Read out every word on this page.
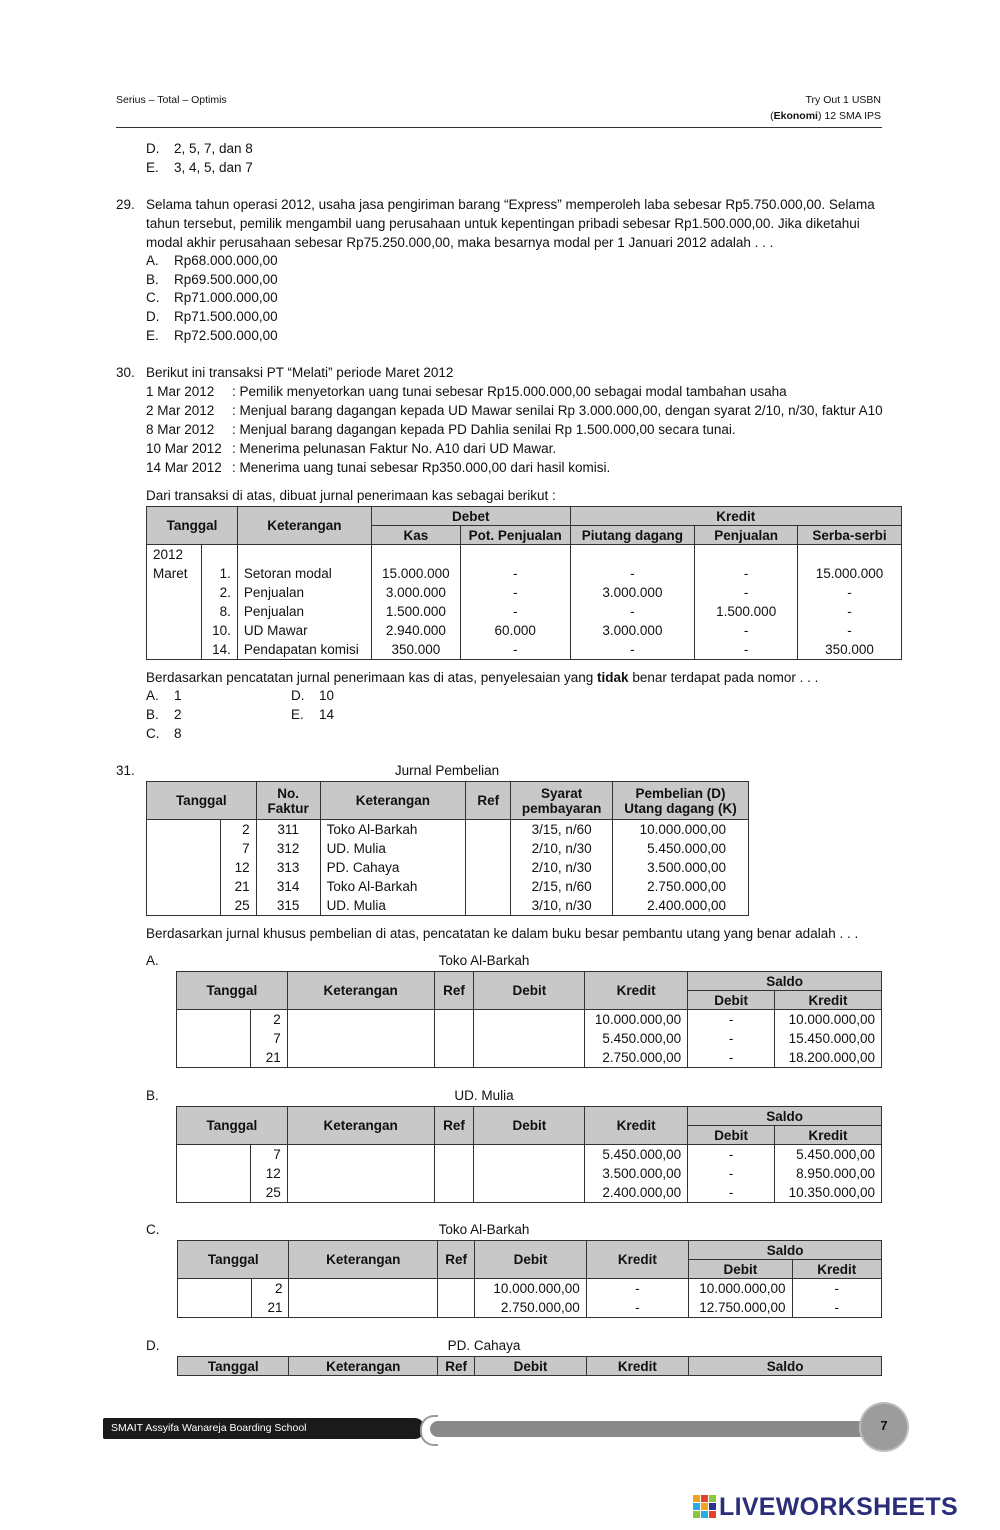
Serius – Total – Optimis	Try Out 1 USBN
(Ekonomi) 12 SMA IPS
D. 2, 5, 7, dan 8
E. 3, 4, 5, dan 7
29. Selama tahun operasi 2012, usaha jasa pengiriman barang “Express” memperoleh laba sebesar Rp5.750.000,00. Selama
tahun tersebut, pemilik mengambil uang perusahaan untuk kepentingan pribadi sebesar Rp1.500.000,00. Jika diketahui
modal akhir perusahaan sebesar Rp75.250.000,00, maka besarnya modal per 1 Januari 2012 adalah . . .
A. Rp68.000.000,00
B. Rp69.500.000,00
C. Rp71.000.000,00
D. Rp71.500.000,00
E. Rp72.500.000,00
30. Berikut ini transaksi PT “Melati” periode Maret 2012
1 Mar 2012 : Pemilik menyetorkan uang tunai sebesar Rp15.000.000,00 sebagai modal tambahan usaha
2 Mar 2012 : Menjual barang dagangan kepada UD Mawar senilai Rp 3.000.000,00, dengan syarat 2/10, n/30, faktur A10
8 Mar 2012 : Menjual barang dagangan kepada PD Dahlia senilai Rp 1.500.000,00 secara tunai.
10 Mar 2012 : Menerima pelunasan Faktur No. A10 dari UD Mawar.
14 Mar 2012 : Menerima uang tunai sebesar Rp350.000,00 dari hasil komisi.
Dari transaksi di atas, dibuat jurnal penerimaan kas sebagai berikut :
Tanggal		Keterangan	Debet		Kredit		
			Kas	Pot. Penjualan	Piutang dagang	Penjualan	Serba-serbi
2012							
Maret	1.	Setoran modal	15.000.000	-	-	-	15.000.000
	2.	Penjualan	3.000.000	-	3.000.000	-	-
	8.	Penjualan	1.500.000	-	-	1.500.000	-
	10.	UD Mawar	2.940.000	60.000	3.000.000	-	-
	14.	Pendapatan komisi	350.000	-	-	-	350.000
Berdasarkan pencatatan jurnal penerimaan kas di atas, penyelesaian yang tidak benar terdapat pada nomor . . .
A. 1
B. 2
C. 8
D. 10
E. 14
31.	Jurnal Pembelian
Tanggal		No.
Faktur	Keterangan	Ref	Syarat
pembayaran	Pembelian (D)
Utang dagang (K)
	2	311	Toko Al-Barkah		3/15, n/60	10.000.000,00
	7	312	UD. Mulia		2/10, n/30	5.450.000,00
	12	313	PD. Cahaya		2/10, n/30	3.500.000,00
	21	314	Toko Al-Barkah		2/15, n/60	2.750.000,00
	25	315	UD. Mulia		3/10, n/30	2.400.000,00
Berdasarkan jurnal khusus pembelian di atas, pencatatan ke dalam buku besar pembantu utang yang benar adalah . . .
A.	Toko Al-Barkah
Tanggal		Keterangan	Ref	Debit	Kredit	Saldo	
						Debit	Kredit
	2				10.000.000,00	-	10.000.000,00
	7				5.450.000,00	-	15.450.000,00
	21				2.750.000,00	-	18.200.000,00
B.	UD. Mulia
Tanggal		Keterangan	Ref	Debit	Kredit	Saldo	
						Debit	Kredit
	7				5.450.000,00	-	5.450.000,00
	12				3.500.000,00	-	8.950.000,00
	25				2.400.000,00	-	10.350.000,00
C.	Toko Al-Barkah
Tanggal		Keterangan	Ref	Debit	Kredit	Saldo	
						Debit	Kredit
	2			10.000.000,00	-	10.000.000,00	-
	21			2.750.000,00	-	12.750.000,00	-
D.	PD. Cahaya
Tanggal	Keterangan	Ref	Debit	Kredit	Saldo
SMAIT Assyifa Wanareja Boarding School	7
LIVEWORKSHEETS
